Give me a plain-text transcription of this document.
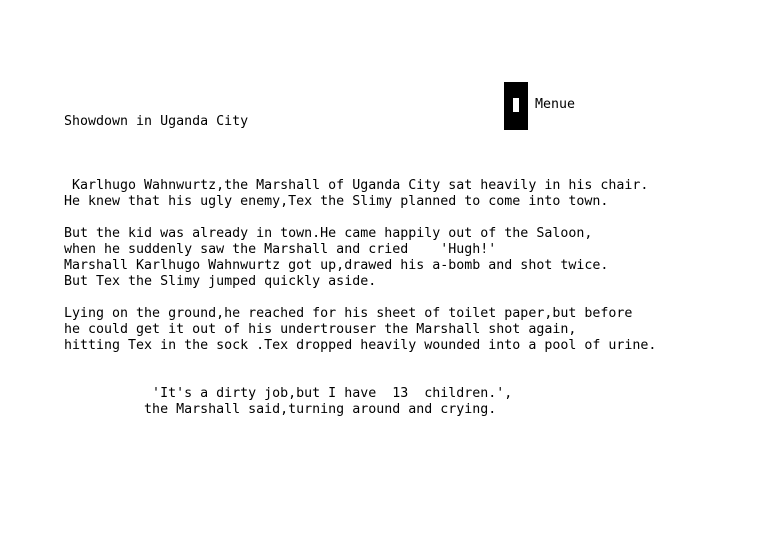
Menue
Showdown in Uganda City
Karlhugo Wahnwurtz,the Marshall of Uganda City sat heavily in his chair.
He knew that his ugly enemy,Tex the Slimy planned to come into town.
But the kid was already in town.He came happily out of the Saloon,
when he suddenly saw the Marshall and cried    'Hugh!'
Marshall Karlhugo Wahnwurtz got up,drawed his a-bomb and shot twice.
But Tex the Slimy jumped quickly aside.
Lying on the ground,he reached for his sheet of toilet paper,but before
he could get it out of his undertrouser the Marshall shot again,
hitting Tex in the sock .Tex dropped heavily wounded into a pool of urine.
'It's a dirty job,but I have  13  children.',
the Marshall said,turning around and crying.
